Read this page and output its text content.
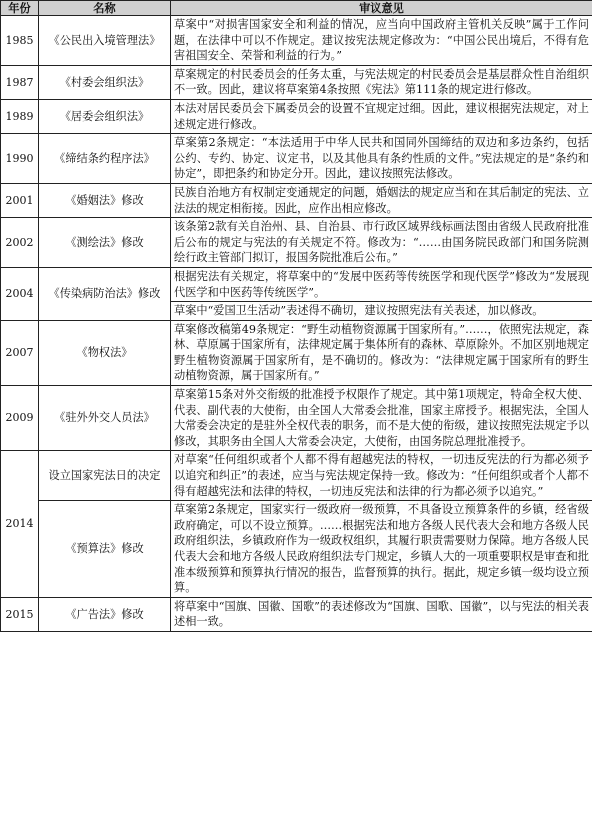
年份	名称	审议意见
1985	《公民出入境管理法》	草案中“对损害国家安全和利益的情况，应当向中国政府主管机关反映”属于工作问题，在法律中可以不作规定。建议按宪法规定修改为：“中国公民出境后，不得有危害祖国安全、荣誉和利益的行为。”
1987	《村委会组织法》	草案规定的村民委员会的任务太重，与宪法规定的村民委员会是基层群众性自治组织不一致。因此，建议将草案第4条按照《宪法》第111条的规定进行修改。
1989	《居委会组织法》	本法对居民委员会下属委员会的设置不宜规定过细。因此，建议根据宪法规定，对上述规定进行修改。
1990	《缔结条约程序法》	草案第2条规定：“本法适用于中华人民共和国同外国缔结的双边和多边条约，包括公约、专约、协定、议定书，以及其他具有条约性质的文件。”宪法规定的是“条约和协定”，即把条约和协定分开。因此，建议按照宪法修改。
2001	《婚姻法》修改	民族自治地方有权制定变通规定的问题，婚姻法的规定应当和在其后制定的宪法、立法法的规定相衔接。因此，应作出相应修改。
2002	《测绘法》修改	该条第2款有关自治州、县、自治县、市行政区域界线标画法图由省级人民政府批准后公布的规定与宪法的有关规定不符。修改为：“……由国务院民政部门和国务院测绘行政主管部门拟订，报国务院批准后公布。”
2004	《传染病防治法》修改	根据宪法有关规定，将草案中的“发展中医药等传统医学和现代医学”修改为“发展现代医学和中医药等传统医学”。
		草案中“爱国卫生活动”表述得不确切，建议按照宪法有关表述，加以修改。
2007	《物权法》	草案修改稿第49条规定：“野生动植物资源属于国家所有。”……，依照宪法规定，森林、草原属于国家所有，法律规定属于集体所有的森林、草原除外。不加区别地规定野生植物资源属于国家所有，是不确切的。修改为：“法律规定属于国家所有的野生动植物资源，属于国家所有。”
2009	《驻外外交人员法》	草案第15条对外交衔级的批准授予权限作了规定。其中第1项规定，特命全权大使、代表、副代表的大使衔，由全国人大常委会批准，国家主席授予。根据宪法，全国人大常委会决定的是驻外全权代表的职务，而不是大使的衔级，建议按照宪法规定予以修改，其职务由全国人大常委会决定，大使衔，由国务院总理批准授予。
2014	设立国家宪法日的决定	对草案“任何组织或者个人都不得有超越宪法的特权，一切违反宪法的行为都必须予以追究和纠正”的表述，应当与宪法规定保持一致。修改为：“任何组织或者个人都不得有超越宪法和法律的特权，一切违反宪法和法律的行为都必须予以追究。”
	《预算法》修改	草案第2条规定，国家实行一级政府一级预算，不具备设立预算条件的乡镇，经省级政府确定，可以不设立预算。……根据宪法和地方各级人民代表大会和地方各级人民政府组织法，乡镇政府作为一级政权组织，其履行职责需要财力保障。地方各级人民代表大会和地方各级人民政府组织法专门规定，乡镇人大的一项重要职权是审查和批准本级预算和预算执行情况的报告，监督预算的执行。据此，规定乡镇一级均设立预算。
2015	《广告法》修改	将草案中“国旗、国徽、国歌”的表述修改为“国旗、国歌、国徽”，以与宪法的相关表述相一致。
